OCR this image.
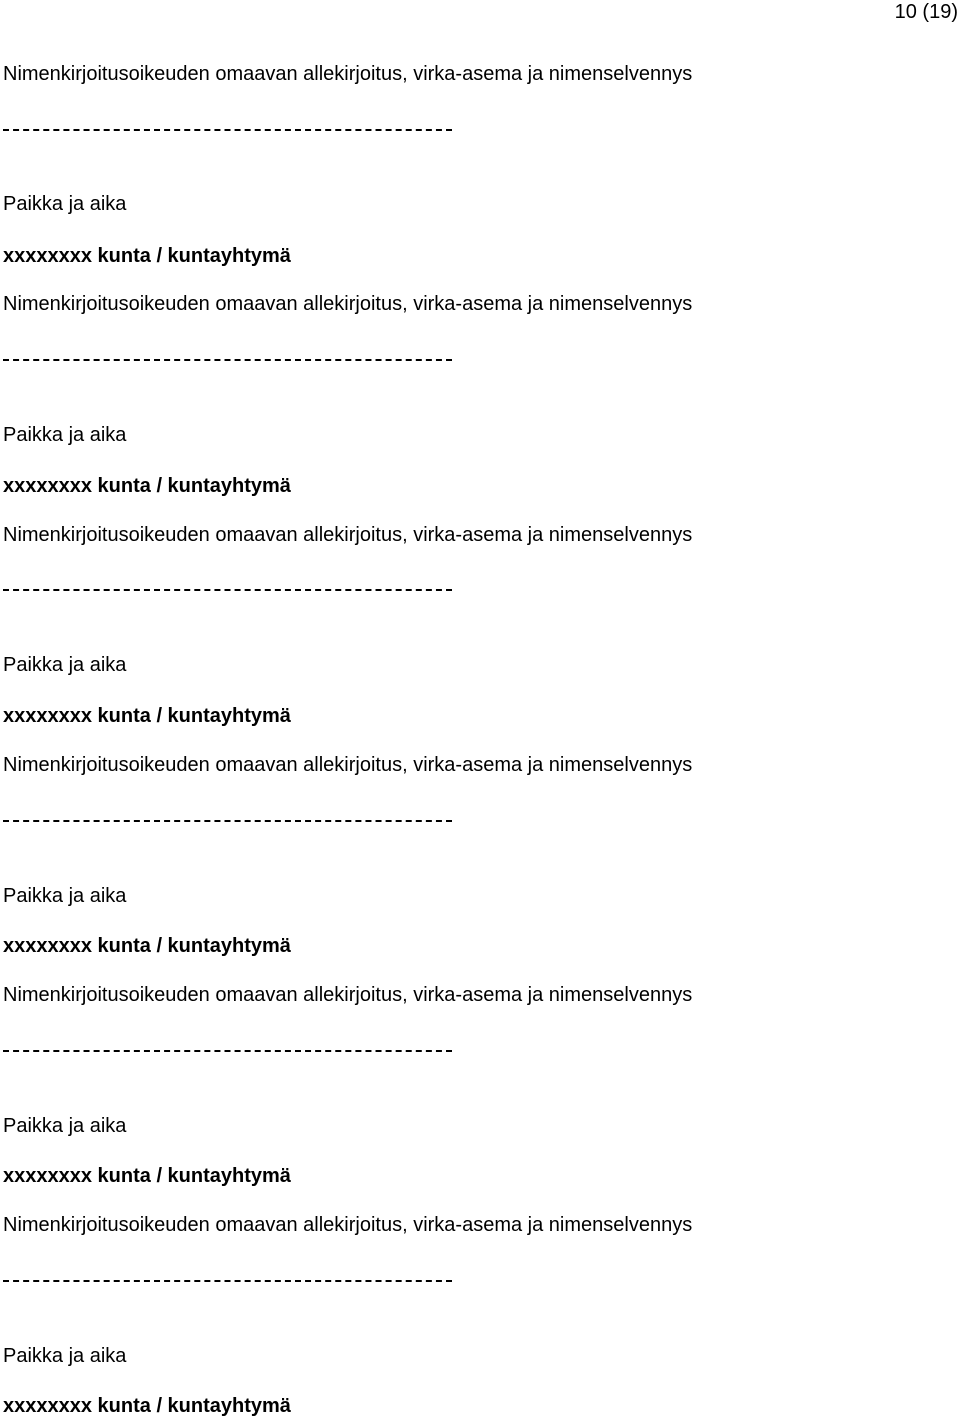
10 (19)
Nimenkirjoitusoikeuden omaavan allekirjoitus, virka-asema ja nimenselvennys
Paikka ja aika
xxxxxxxx kunta / kuntayhtymä
Nimenkirjoitusoikeuden omaavan allekirjoitus, virka-asema ja nimenselvennys
Paikka ja aika
xxxxxxxx kunta / kuntayhtymä
Nimenkirjoitusoikeuden omaavan allekirjoitus, virka-asema ja nimenselvennys
Paikka ja aika
xxxxxxxx kunta / kuntayhtymä
Nimenkirjoitusoikeuden omaavan allekirjoitus, virka-asema ja nimenselvennys
Paikka ja aika
xxxxxxxx kunta / kuntayhtymä
Nimenkirjoitusoikeuden omaavan allekirjoitus, virka-asema ja nimenselvennys
Paikka ja aika
xxxxxxxx kunta / kuntayhtymä
Nimenkirjoitusoikeuden omaavan allekirjoitus, virka-asema ja nimenselvennys
Paikka ja aika
xxxxxxxx kunta / kuntayhtymä
